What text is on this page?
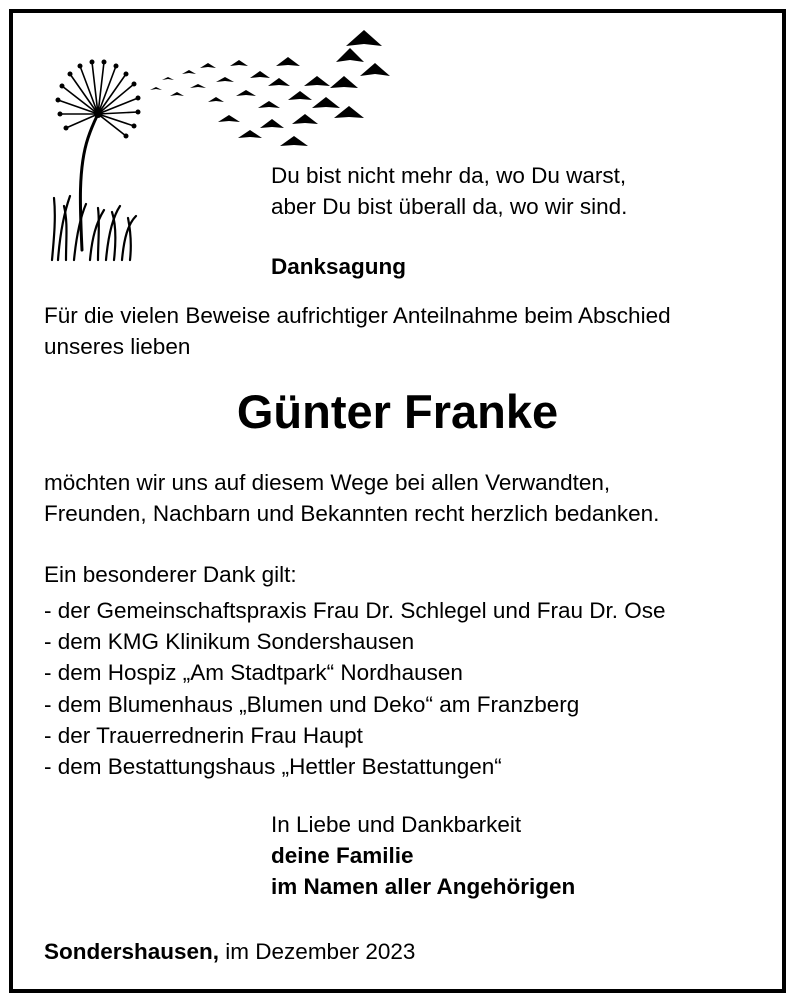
Du bist nicht mehr da, wo Du warst,
aber Du bist überall da, wo wir sind.
Danksagung
Für die vielen Beweise aufrichtiger Anteilnahme beim Abschied
unseres lieben
Günter Franke
möchten wir uns auf diesem Wege bei allen Verwandten,
Freunden, Nachbarn und Bekannten recht herzlich bedanken.
Ein besonderer Dank gilt:
- der Gemeinschaftspraxis Frau Dr. Schlegel und Frau Dr. Ose
- dem KMG Klinikum Sondershausen
- dem Hospiz „Am Stadtpark“ Nordhausen
- dem Blumenhaus „Blumen und Deko“ am Franzberg
- der Trauerrednerin Frau Haupt
- dem Bestattungshaus „Hettler Bestattungen“
In Liebe und Dankbarkeit
deine Familie
im Namen aller Angehörigen
Sondershausen, im Dezember 2023
